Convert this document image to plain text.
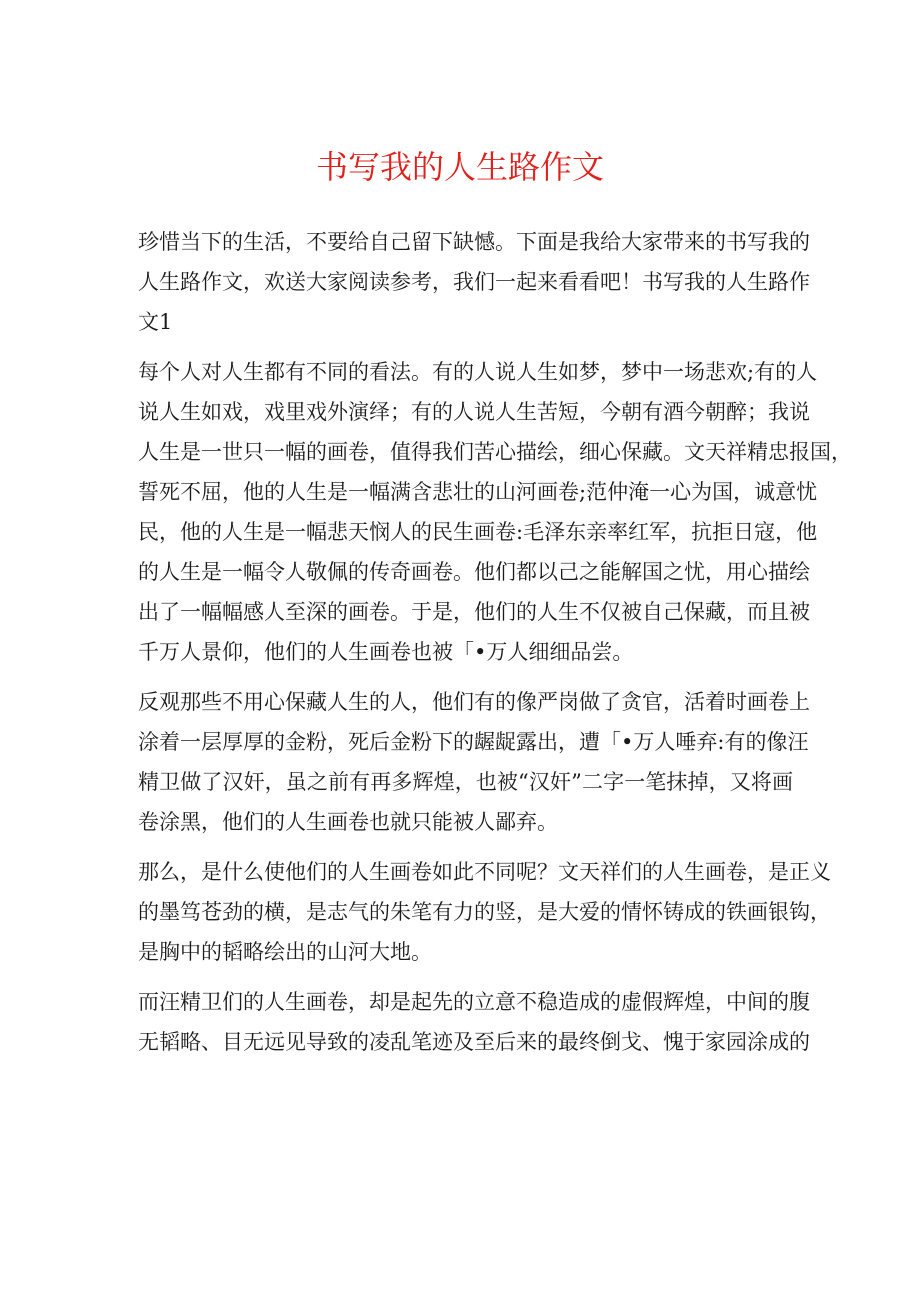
书写我的人生路作文

珍惜当下的生活，不要给自己留下缺憾。下面是我给大家带来的书写我的
人生路作文，欢送大家阅读参考，我们一起来看看吧！书写我的人生路作
文1

每个人对人生都有不同的看法。有的人说人生如梦，梦中一场悲欢;有的人
说人生如戏，戏里戏外演绎；有的人说人生苦短，今朝有酒今朝醉；我说
人生是一世只一幅的画卷，值得我们苦心描绘，细心保藏。文天祥精忠报国，
誓死不屈，他的人生是一幅满含悲壮的山河画卷;范仲淹一心为国，诚意忧
民，他的人生是一幅悲天悯人的民生画卷:毛泽东亲率红军，抗拒日寇，他
的人生是一幅令人敬佩的传奇画卷。他们都以己之能解国之忧，用心描绘
出了一幅幅感人至深的画卷。于是，他们的人生不仅被自己保藏，而且被
千万人景仰，他们的人生画卷也被「•万人细细品尝。

反观那些不用心保藏人生的人，他们有的像严岗做了贪官，活着时画卷上
涂着一层厚厚的金粉，死后金粉下的龌龊露出，遭「•万人唾弃:有的像汪
精卫做了汉奸，虽之前有再多辉煌，也被“汉奸”二字一笔抹掉，又将画
卷涂黑，他们的人生画卷也就只能被人鄙弃。

那么，是什么使他们的人生画卷如此不同呢？文天祥们的人生画卷，是正义
的墨笃苍劲的横，是志气的朱笔有力的竖，是大爱的情怀铸成的铁画银钩，
是胸中的韬略绘出的山河大地。

而汪精卫们的人生画卷，却是起先的立意不稳造成的虚假辉煌，中间的腹
无韬略、目无远见导致的凌乱笔迹及至后来的最终倒戈、愧于家园涂成的
